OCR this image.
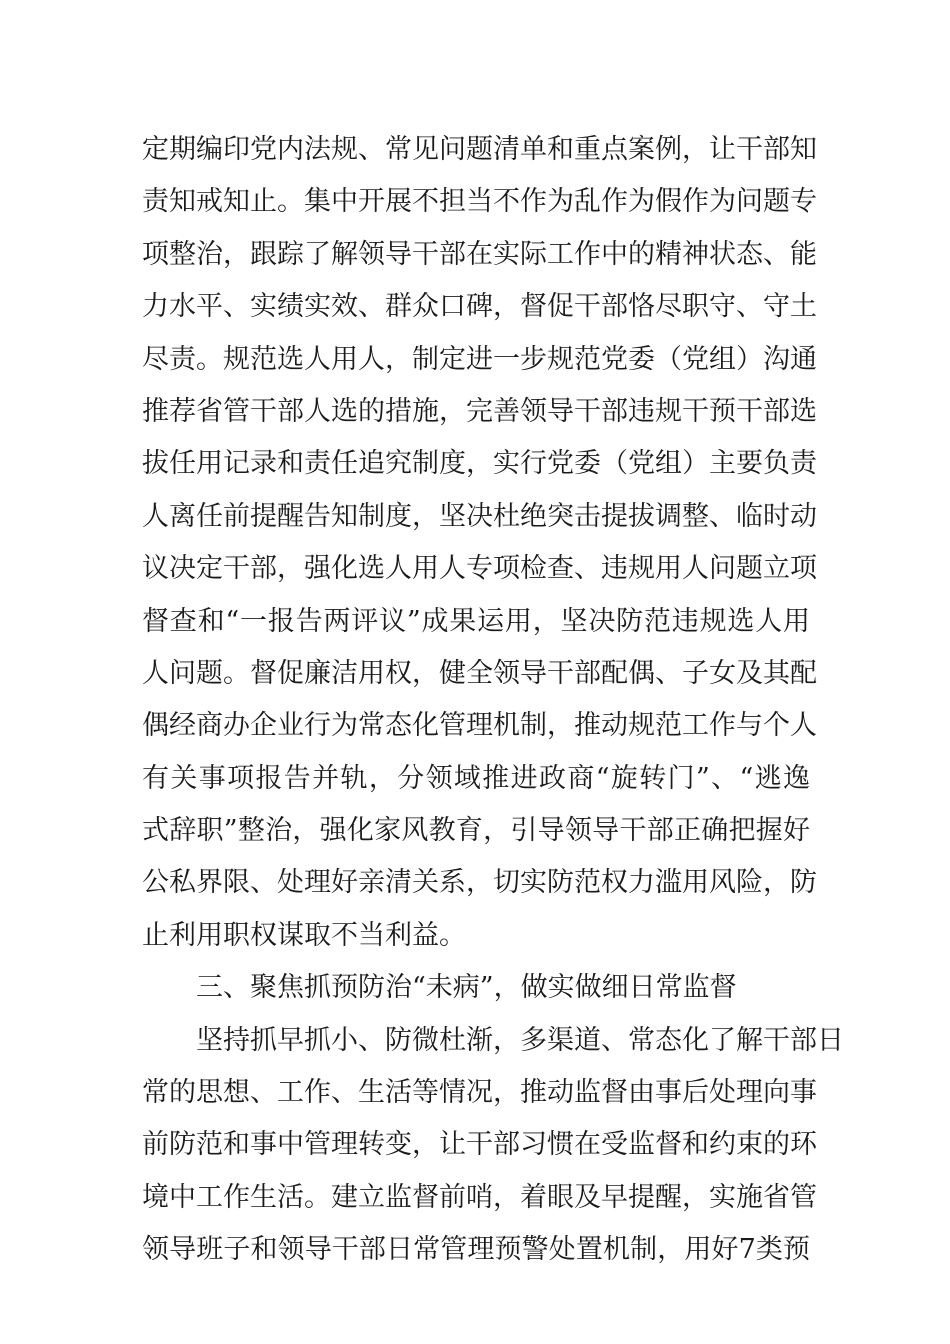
定期编印党内法规、常见问题清单和重点案例，让干部知
责知戒知止。集中开展不担当不作为乱作为假作为问题专
项整治，跟踪了解领导干部在实际工作中的精神状态、能
力水平、实绩实效、群众口碑，督促干部恪尽职守、守土
尽责。规范选人用人，制定进一步规范党委（党组）沟通
推荐省管干部人选的措施，完善领导干部违规干预干部选
拔任用记录和责任追究制度，实行党委（党组）主要负责
人离任前提醒告知制度，坚决杜绝突击提拔调整、临时动
议决定干部，强化选人用人专项检查、违规用人问题立项
督查和“一报告两评议”成果运用，坚决防范违规选人用
人问题。督促廉洁用权，健全领导干部配偶、子女及其配
偶经商办企业行为常态化管理机制，推动规范工作与个人
有关事项报告并轨，分领域推进政商“旋转门”、“逃逸
式辞职”整治，强化家风教育，引导领导干部正确把握好
公私界限、处理好亲清关系，切实防范权力滥用风险，防
止利用职权谋取不当利益。
三、聚焦抓预防治“未病”，做实做细日常监督
坚持抓早抓小、防微杜渐，多渠道、常态化了解干部日
常的思想、工作、生活等情况，推动监督由事后处理向事
前防范和事中管理转变，让干部习惯在受监督和约束的环
境中工作生活。建立监督前哨，着眼及早提醒，实施省管
领导班子和领导干部日常管理预警处置机制，用好7类预
